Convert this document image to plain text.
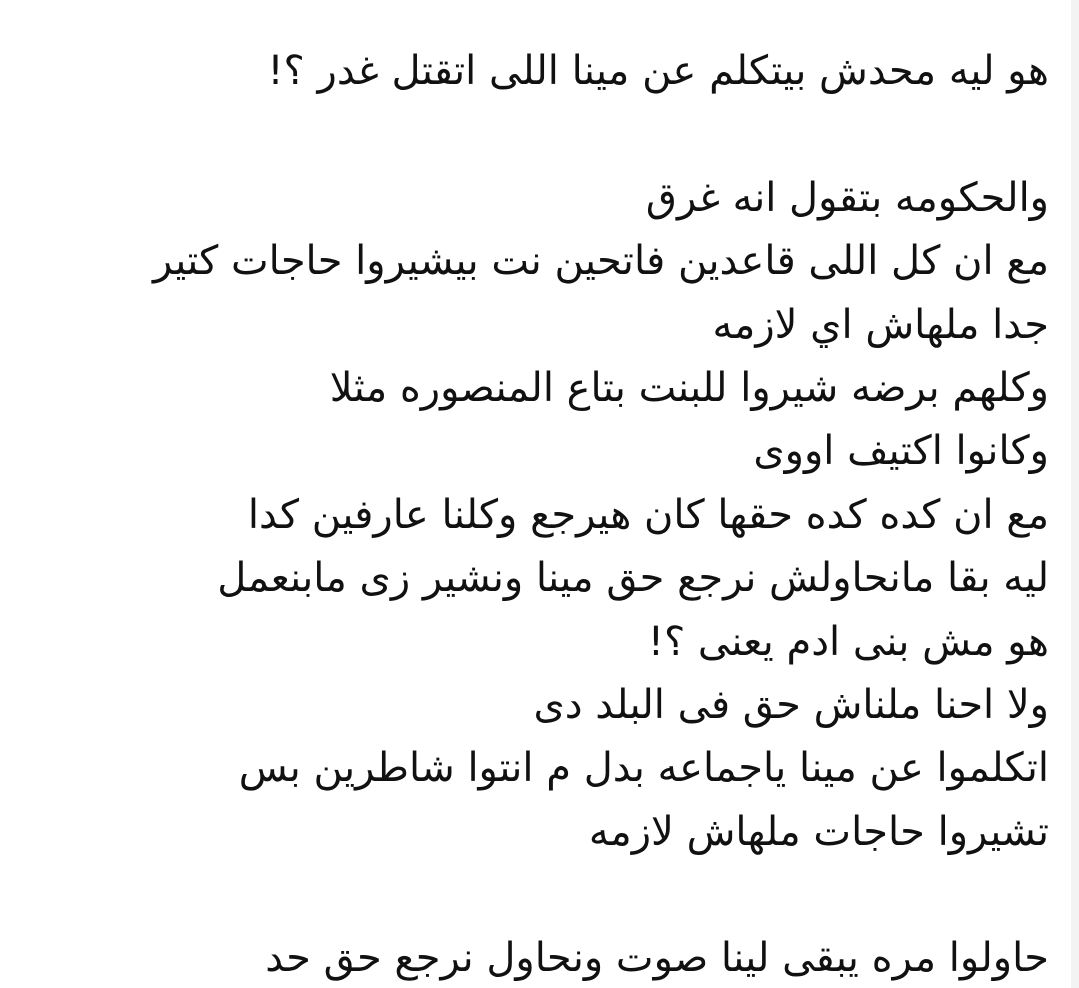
هو ليه محدش بيتكلم عن مينا اللى اتقتل غدر ؟!
والحكومه بتقول انه غرق
مع ان كل اللى قاعدين فاتحين نت بيشيروا حاجات كتير
جدا ملهاش اي لازمه
وكلهم برضه شيروا للبنت بتاع المنصوره مثلا
وكانوا اكتيف اووى
مع ان كده كده حقها كان هيرجع وكلنا عارفين كدا
ليه بقا مانحاولش نرجع حق مينا ونشير زى مابنعمل
هو مش بنى ادم يعنى ؟!
ولا احنا ملناش حق فى البلد دى
اتكلموا عن مينا ياجماعه بدل م انتوا شاطرين بس
تشيروا حاجات ملهاش لازمه
حاولوا مره يبقى لينا صوت ونحاول نرجع حق حد
